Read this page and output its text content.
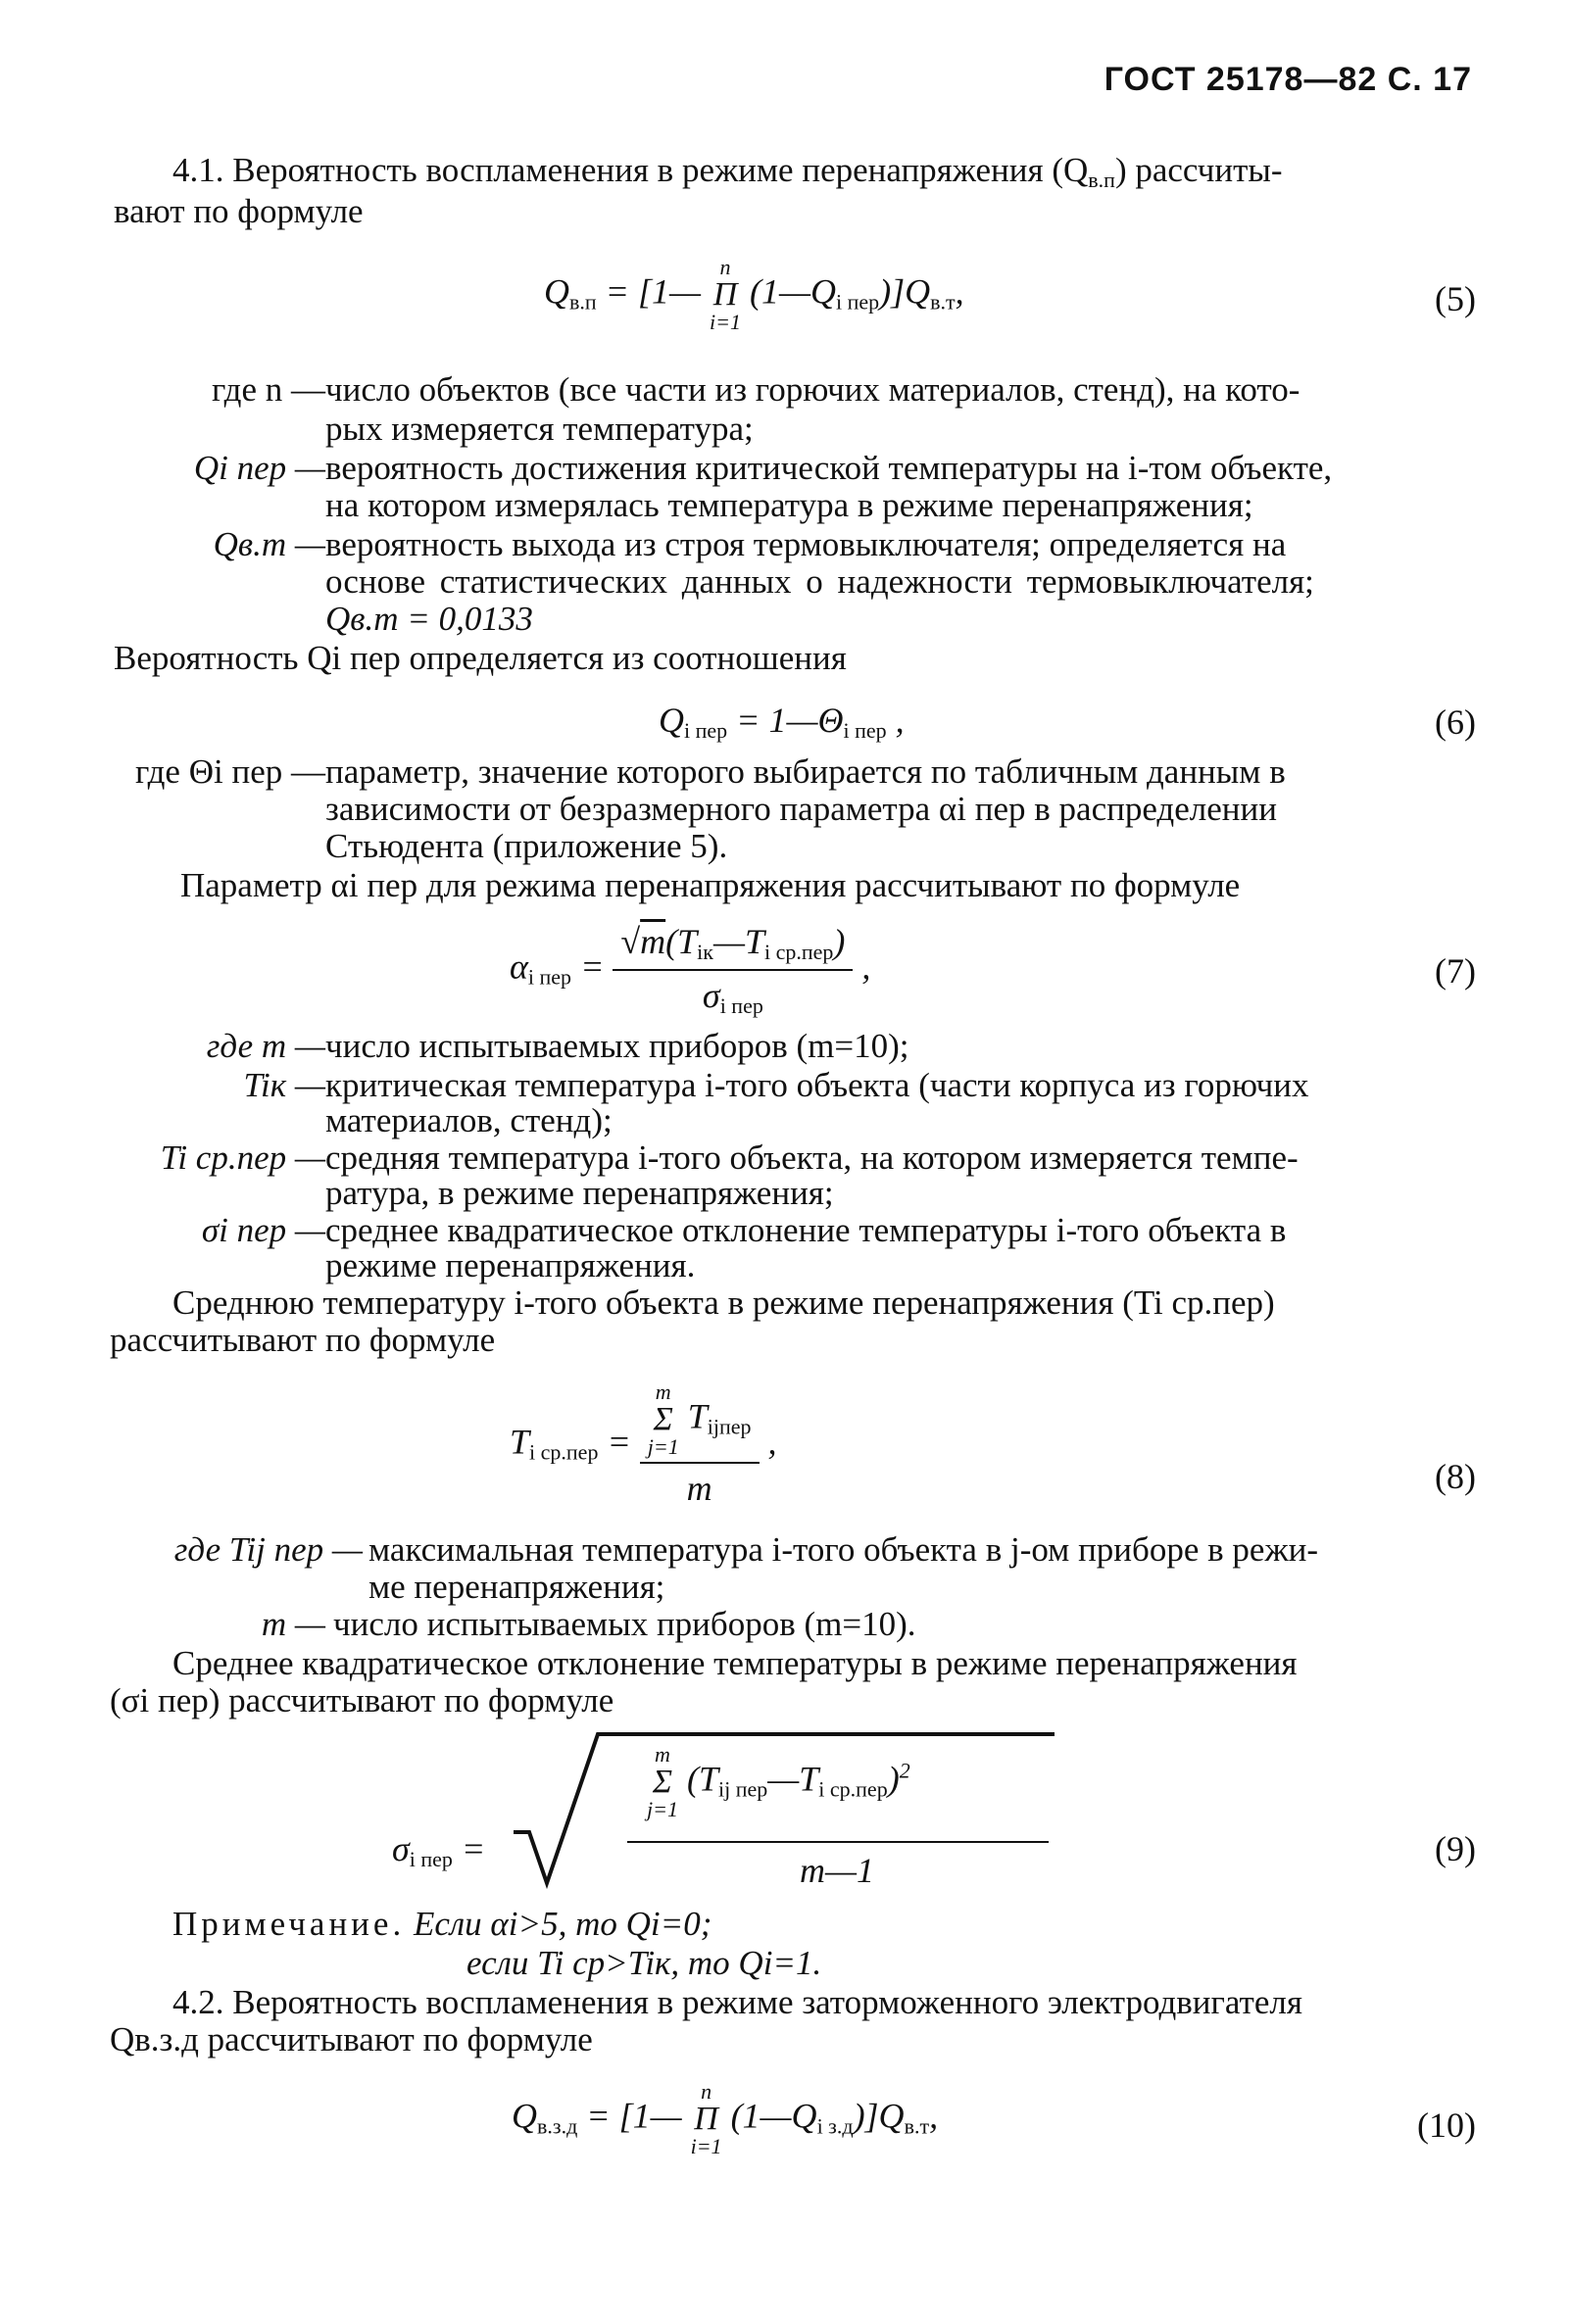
ГОСТ 25178—82 С. 17
4.1. Вероятность воспламенения в режиме перенапряжения $(Q_{в.п})$ рассчиты-
вают по формуле
$Q_{в.п}$ = [1—
n
Π
i=1
$(1—Q_{i пер})]Q_{в.т}$,	(5)
где n — число объектов (все части из горючих материалов, стенд), на кото-
рых измеряется температура;
Qi пер — вероятность достижения критической температуры на i-том объекте,
на котором измерялась температура в режиме перенапряжения;
Qв.т — вероятность выхода из строя термовыключателя; определяется на
основе статистических данных о надежности термовыключателя;
Qв.т = 0,0133
Вероятность Qi пер определяется из соотношения
$Q_{i пер}$ = $1—\Theta_{i пер}$ ,	(6)
где Θi пер — параметр, значение которого выбирается по табличным данным в
зависимости от безразмерного параметра αi пер в распределении
Стьюдента (приложение 5).
Параметр αi пер для режима перенапряжения рассчитывают по формуле
$\alpha_{i пер} = \frac{√m(T_{iк}—T_{i ср.пер})}{\sigma_{i пер}}$ ,	(7)
где m — число испытываемых приборов (m=10);
Tiк — критическая температура i-того объекта (части корпуса из горючих
материалов, стенд);
Ti ср.пер — средняя температура i-того объекта, на котором измеряется темпе-
ратура, в режиме перенапряжения;
σi пер — среднее квадратическое отклонение температуры i-того объекта в
режиме перенапряжения.
Среднюю температуру i-того объекта в режиме перенапряжения (Ti ср.пер)
рассчитывают по формуле
$T_{i ср.пер} = m$
Σ
j=1
$T_{ijпер}$
m ,
(8)
где Tij пер — максимальная температура i-того объекта в j-ом приборе в режи-
ме перенапряжения;
m — число испытываемых приборов (m=10).
Среднее квадратическое отклонение температуры в режиме перенапряжения
(σi пер) рассчитывают по формуле
$\sigma_{i пер}$ =
m
Σ
j=1
$(T_{ij пер}—T_{i ср.пер})^2$
m—1
(9)
Примечание. Если αi>5, то Qi=0;
если Ti ср>Tiк, то Qi=1.
4.2. Вероятность воспламенения в режиме заторможенного электродвигателя
Qв.з.д рассчитывают по формуле
$Q_{в.з.д}$ = [1—
n
Π
i=1
$(1—Q_{i з.д})]Q_{в.т}$,	(10)
